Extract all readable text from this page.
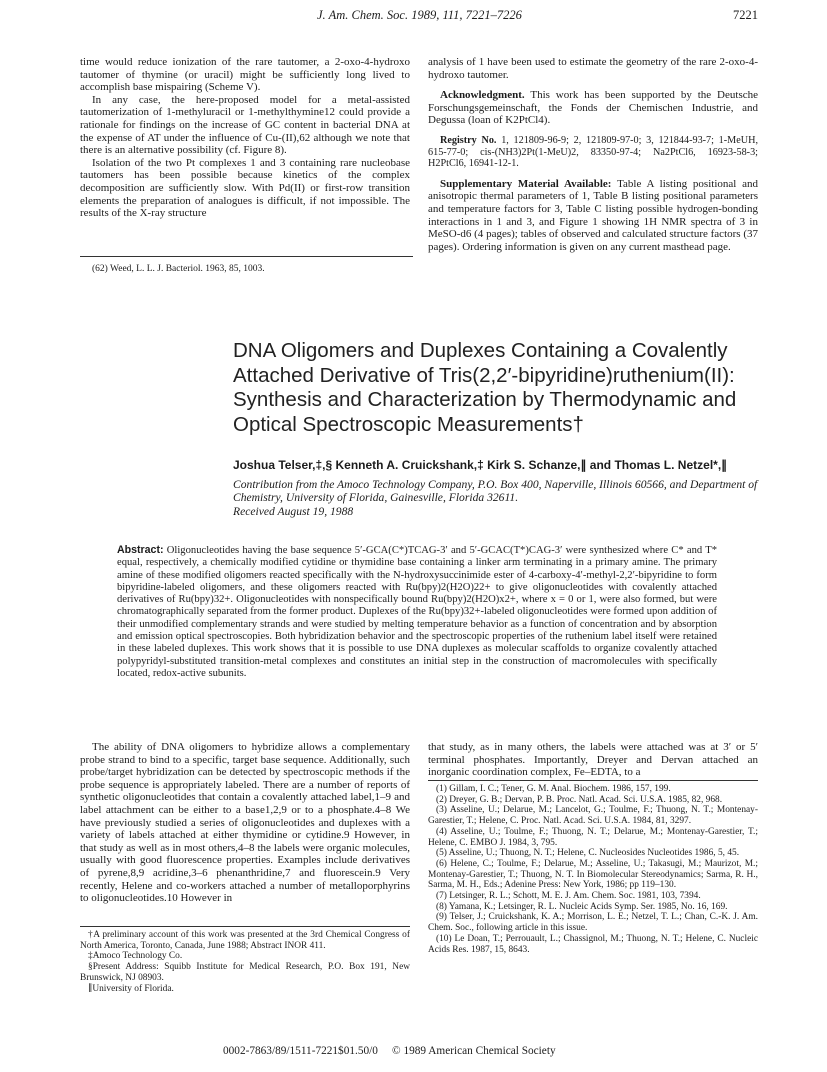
J. Am. Chem. Soc. 1989, 111, 7221–7226	7221

time would reduce ionization of the rare tautomer, a 2-oxo-4-hydroxo tautomer of thymine (or uracil) might be sufficiently long lived to accomplish base mispairing (Scheme V).

In any case, the here-proposed model for a metal-assisted tautomerization of 1-methyluracil or 1-methylthymine12 could provide a rationale for findings on the increase of GC content in bacterial DNA at the expense of AT under the influence of Cu-(II),62 although we note that there is an alternative possibility (cf. Figure 8).

Isolation of the two Pt complexes 1 and 3 containing rare nucleobase tautomers has been possible because kinetics of the complex decomposition are sufficiently slow. With Pd(II) or first-row transition elements the preparation of analogues is difficult, if not impossible. The results of the X-ray structure

(62) Weed, L. L. J. Bacteriol. 1963, 85, 1003.

analysis of 1 have been used to estimate the geometry of the rare 2-oxo-4-hydroxo tautomer.

Acknowledgment. This work has been supported by the Deutsche Forschungsgemeinschaft, the Fonds der Chemischen Industrie, and Degussa (loan of K2PtCl4).

Registry No. 1, 121809-96-9; 2, 121809-97-0; 3, 121844-93-7; 1-MeUH, 615-77-0; cis-(NH3)2Pt(1-MeU)2, 83350-97-4; Na2PtCl6, 16923-58-3; H2PtCl6, 16941-12-1.

Supplementary Material Available: Table A listing positional and anisotropic thermal parameters of 1, Table B listing positional parameters and temperature factors for 3, Table C listing possible hydrogen-bonding interactions in 1 and 3, and Figure 1 showing 1H NMR spectra of 3 in MeSO-d6 (4 pages); tables of observed and calculated structure factors (37 pages). Ordering information is given on any current masthead page.

DNA Oligomers and Duplexes Containing a Covalently Attached Derivative of Tris(2,2′-bipyridine)ruthenium(II): Synthesis and Characterization by Thermodynamic and Optical Spectroscopic Measurements†
Joshua Telser,‡,§ Kenneth A. Cruickshank,‡ Kirk S. Schanze,∥ and Thomas L. Netzel*,∥
Contribution from the Amoco Technology Company, P.O. Box 400, Naperville, Illinois 60566, and Department of Chemistry, University of Florida, Gainesville, Florida 32611.
Received August 19, 1988
Abstract: Oligonucleotides having the base sequence 5′-GCA(C*)TCAG-3′ and 5′-GCAC(T*)CAG-3′ were synthesized where C* and T* equal, respectively, a chemically modified cytidine or thymidine base containing a linker arm terminating in a primary amine. The primary amine of these modified oligomers reacted specifically with the N-hydroxysuccinimide ester of 4-carboxy-4′-methyl-2,2′-bipyridine to form bipyridine-labeled oligomers, and these oligomers reacted with Ru(bpy)2(H2O)22+ to give oligonucleotides with covalently attached derivatives of Ru(bpy)32+. Oligonucleotides with nonspecifically bound Ru(bpy)2(H2O)x2+, where x = 0 or 1, were also formed, but were chromatographically separated from the former product. Duplexes of the Ru(bpy)32+-labeled oligonucleotides were formed upon addition of their unmodified complementary strands and were studied by melting temperature behavior as a function of concentration and by absorption and emission optical spectroscopies. Both hybridization behavior and the spectroscopic properties of the ruthenium label itself were retained in these labeled duplexes. This work shows that it is possible to use DNA duplexes as molecular scaffolds to organize covalently attached polypyridyl-substituted transition-metal complexes and constitutes an initial step in the construction of macromolecules with specifically located, redox-active subunits.

The ability of DNA oligomers to hybridize allows a complementary probe strand to bind to a specific, target base sequence. Additionally, such probe/target hybridization can be detected by spectroscopic methods if the probe sequence is appropriately labeled. There are a number of reports of synthetic oligonucleotides that contain a covalently attached label,1–9 and label attachment can be either to a base1,2,9 or to a phosphate.4–8 We have previously studied a series of oligonucleotides and duplexes with a variety of labels attached at either thymidine or cytidine.9 However, in that study as well as in most others,4–8 the labels were organic molecules, usually with good fluorescence properties. Examples include derivatives of pyrene,8,9 acridine,3–6 phenanthridine,7 and fluorescein.9 Very recently, Helene and co-workers attached a number of metalloporphyrins to oligonucleotides.10 However in

†A preliminary account of this work was presented at the 3rd Chemical Congress of North America, Toronto, Canada, June 1988; Abstract INOR 411.

‡Amoco Technology Co.

§Present Address: Squibb Institute for Medical Research, P.O. Box 191, New Brunswick, NJ 08903.

∥University of Florida.

that study, as in many others, the labels were attached was at 3′ or 5′ terminal phosphates. Importantly, Dreyer and Dervan attached an inorganic coordination complex, Fe–EDTA, to a

(1) Gillam, I. C.; Tener, G. M. Anal. Biochem. 1986, 157, 199.

(2) Dreyer, G. B.; Dervan, P. B. Proc. Natl. Acad. Sci. U.S.A. 1985, 82, 968.

(3) Asseline, U.; Delarue, M.; Lancelot, G.; Toulme, F.; Thuong, N. T.; Montenay-Garestier, T.; Helene, C. Proc. Natl. Acad. Sci. U.S.A. 1984, 81, 3297.

(4) Asseline, U.; Toulme, F.; Thuong, N. T.; Delarue, M.; Montenay-Garestier, T.; Helene, C. EMBO J. 1984, 3, 795.

(5) Asseline, U.; Thuong, N. T.; Helene, C. Nucleosides Nucleotides 1986, 5, 45.

(6) Helene, C.; Toulme, F.; Delarue, M.; Asseline, U.; Takasugi, M.; Maurizot, M.; Montenay-Garestier, T.; Thuong, N. T. In Biomolecular Stereodynamics; Sarma, R. H., Sarma, M. H., Eds.; Adenine Press: New York, 1986; pp 119–130.

(7) Letsinger, R. L.; Schott, M. E. J. Am. Chem. Soc. 1981, 103, 7394.

(8) Yamana, K.; Letsinger, R. L. Nucleic Acids Symp. Ser. 1985, No. 16, 169.

(9) Telser, J.; Cruickshank, K. A.; Morrison, L. E.; Netzel, T. L.; Chan, C.-K. J. Am. Chem. Soc., following article in this issue.

(10) Le Doan, T.; Perrouault, L.; Chassignol, M.; Thuong, N. T.; Helene, C. Nucleic Acids Res. 1987, 15, 8643.

0002-7863/89/1511-7221$01.50/0 © 1989 American Chemical Society
